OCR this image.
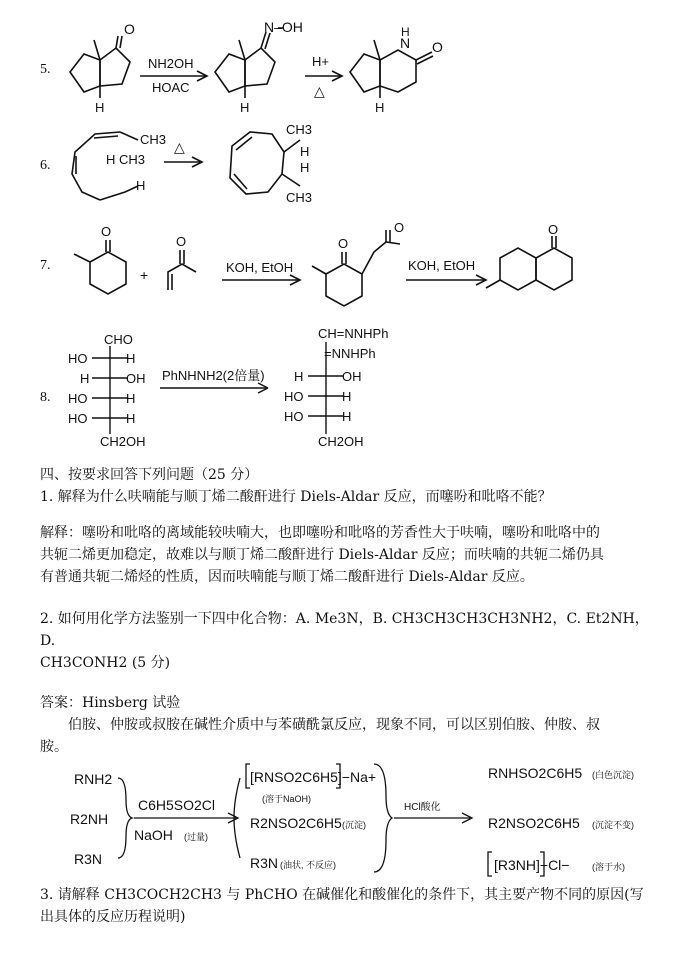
5.
O
H
NH2OH
HOAC
N–OH
H
H+
△
N
H
O
H
6.
CH3
H CH3
H
△
CH3
H
H
CH3
7.
O
+
O
KOH, EtOH
O
O
KOH, EtOH
O
8.
CHO
HO	H
H	OH
HO	H
HO	H
CH2OH
PhNHNH2(2倍量)
CH=NNHPh
=NNHPh
H	OH
HO	H
HO	H
CH2OH
四、按要求回答下列问题（25 分）
1. 解释为什么呋喃能与顺丁烯二酸酐进行 Diels-Aldar 反应，而噻吩和吡咯不能？
解释：噻吩和吡咯的离域能较呋喃大，也即噻吩和吡咯的芳香性大于呋喃，噻吩和吡咯中的
共轭二烯更加稳定，故难以与顺丁烯二酸酐进行 Diels-Aldar 反应；而呋喃的共轭二烯仍具
有普通共轭二烯烃的性质，因而呋喃能与顺丁烯二酸酐进行 Diels-Aldar 反应。
2. 如何用化学方法鉴别一下四中化合物：A. Me3N，B. CH3CH3CH3CH3NH2，C. Et2NH，D.
CH3CONH2 (5 分)
答案：Hinsberg 试验
伯胺、仲胺或叔胺在碱性介质中与苯磺酰氯反应，现象不同，可以区别伯胺、仲胺、叔
胺。
RNH2
R2NH
R3N
C6H5SO2Cl
NaOH (过量)
[RNSO2C6H5]−Na+
(溶于NaOH)
R2NSO2C6H5 (沉淀)
R3N (油状, 不反应)
HCl酸化
RNHSO2C6H5 (白色沉淀)
R2NSO2C6H5 (沉淀不变)
[R3NH]+Cl−	(溶于水)
3. 请解释 CH3COCH2CH3 与 PhCHO 在碱催化和酸催化的条件下，其主要产物不同的原因(写
出具体的反应历程说明)
